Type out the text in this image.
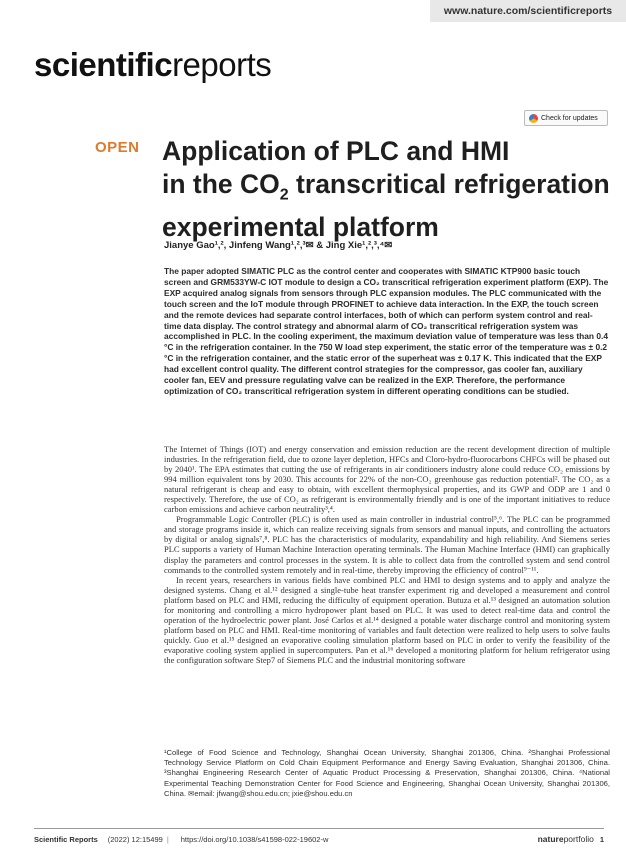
www.nature.com/scientificreports
scientificreports
Check for updates
OPEN Application of PLC and HMI
in the $CO_2$ transcritical refrigeration
experimental platform
Jianye Gao¹,², Jinfeng Wang¹,²,³✉ & Jing Xie¹,²,³,⁴✉
The paper adopted SIMATIC PLC as the control center and cooperates with SIMATIC KTP900 basic touch screen and GRM533YW-C IOT module to design a CO₂ transcritical refrigeration experiment platform (EXP). The EXP acquired analog signals from sensors through PLC expansion modules. The PLC communicated with the touch screen and the IoT module through PROFINET to achieve data interaction. In the EXP, the touch screen and the remote devices had separate control interfaces, both of which can perform system control and real-time data display. The control strategy and abnormal alarm of CO₂ transcritical refrigeration system was accomplished in PLC. In the cooling experiment, the maximum deviation value of temperature was less than 0.4 °C in the refrigeration container. In the 750 W load step experiment, the static error of the temperature was ± 0.2 °C in the refrigeration container, and the static error of the superheat was ± 0.17 K. This indicated that the EXP had excellent control quality. The different control strategies for the compressor, gas cooler fan, auxiliary cooler fan, EEV and pressure regulating valve can be realized in the EXP. Therefore, the performance optimization of CO₂ transcritical refrigeration system in different operating conditions can be studied.

The Internet of Things (IOT) and energy conservation and emission reduction are the recent development direction of multiple industries. In the refrigeration field, due to ozone layer depletion, HFCs and Cloro-hydro-fluorocarbons CHFCs will be phased out by 2040¹. The EPA estimates that cutting the use of refrigerants in air conditioners industry alone could reduce CO₂ emissions by 994 million equivalent tons by 2030. This accounts for 22% of the non-CO₂ greenhouse gas reduction potential². The CO₂ as a natural refrigerant is cheap and easy to obtain, with excellent thermophysical properties, and its GWP and ODP are 1 and 0 respectively. Therefore, the use of CO₂ as refrigerant is environmentally friendly and is one of the important initiatives to reduce carbon emissions and achieve carbon neutrality³,⁴.

Programmable Logic Controller (PLC) is often used as main controller in industrial control⁵,⁶. The PLC can be programmed and storage programs inside it, which can realize receiving signals from sensors and manual inputs, and controlling the actuators by digital or analog signals⁷,⁸. PLC has the characteristics of modularity, expandability and high reliability. And Siemens series PLC supports a variety of Human Machine Interaction operating terminals. The Human Machine Interface (HMI) can graphically display the parameters and control processes in the system. It is able to collect data from the controlled system and send control commands to the controlled system remotely and in real-time, thereby improving the efficiency of control⁹⁻¹¹.

In recent years, researchers in various fields have combined PLC and HMI to design systems and to apply and analyze the designed systems. Chang et al.¹² designed a single-tube heat transfer experiment rig and developed a measurement and control platform based on PLC and HMI, reducing the difficulty of equipment operation. Butuza et al.¹³ designed an automation solution for monitoring and controlling a micro hydropower plant based on PLC. It was used to detect real-time data and control the operation of the hydroelectric power plant. José Carlos et al.¹⁴ designed a potable water discharge control and monitoring system platform based on PLC and HMI. Real-time monitoring of variables and fault detection were realized to help users to solve faults quickly. Guo et al.¹⁵ designed an evaporative cooling simulation platform based on PLC in order to verify the feasibility of the evaporative cooling system applied in supercomputers. Pan et al.¹⁶ developed a monitoring platform for helium refrigerator using the configuration software Step7 of Siemens PLC and the industrial monitoring software

¹College of Food Science and Technology, Shanghai Ocean University, Shanghai 201306, China. ²Shanghai Professional Technology Service Platform on Cold Chain Equipment Performance and Energy Saving Evaluation, Shanghai 201306, China. ³Shanghai Engineering Research Center of Aquatic Product Processing & Preservation, Shanghai 201306, China. ⁴National Experimental Teaching Demonstration Center for Food Science and Engineering, Shanghai Ocean University, Shanghai 201306, China. ✉email: jfwang@shou.edu.cn; jxie@shou.edu.cn
Scientific Reports (2022) 12:15499 | https://doi.org/10.1038/s41598-022-19602-w	natureportfolio 1
